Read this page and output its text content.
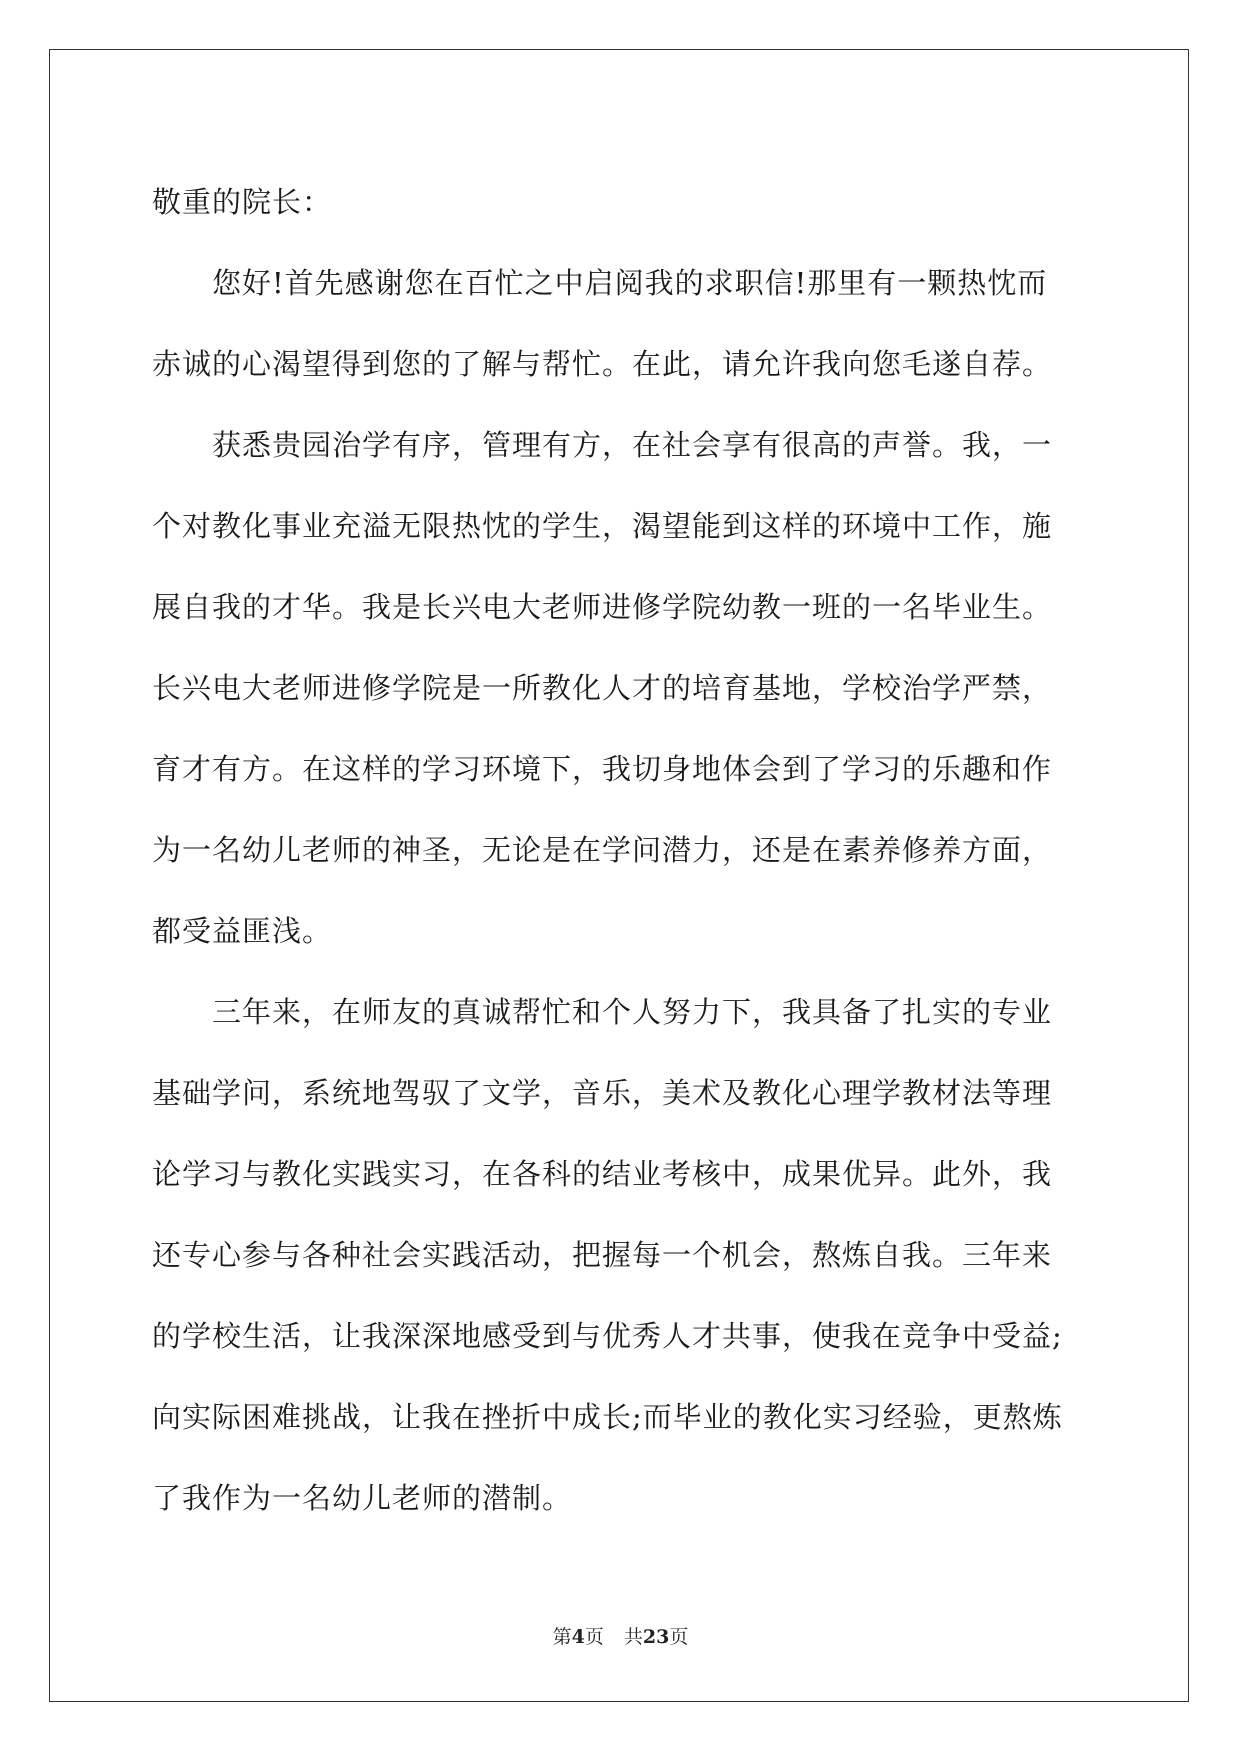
敬重的院长：

　　您好!首先感谢您在百忙之中启阅我的求职信!那里有一颗热忱而

赤诚的心渴望得到您的了解与帮忙。在此，请允许我向您毛遂自荐。

　　获悉贵园治学有序，管理有方，在社会享有很高的声誉。我，一

个对教化事业充溢无限热忱的学生，渴望能到这样的环境中工作，施

展自我的才华。我是长兴电大老师进修学院幼教一班的一名毕业生。

长兴电大老师进修学院是一所教化人才的培育基地，学校治学严禁，

育才有方。在这样的学习环境下，我切身地体会到了学习的乐趣和作

为一名幼儿老师的神圣，无论是在学问潜力，还是在素养修养方面，

都受益匪浅。

　　三年来，在师友的真诚帮忙和个人努力下，我具备了扎实的专业

基础学问，系统地驾驭了文学，音乐，美术及教化心理学教材法等理

论学习与教化实践实习，在各科的结业考核中，成果优异。此外，我

还专心参与各种社会实践活动，把握每一个机会，熬炼自我。三年来

的学校生活，让我深深地感受到与优秀人才共事，使我在竞争中受益;

向实际困难挑战，让我在挫折中成长;而毕业的教化实习经验，更熬炼

了我作为一名幼儿老师的潜制。

第4页 共23页
